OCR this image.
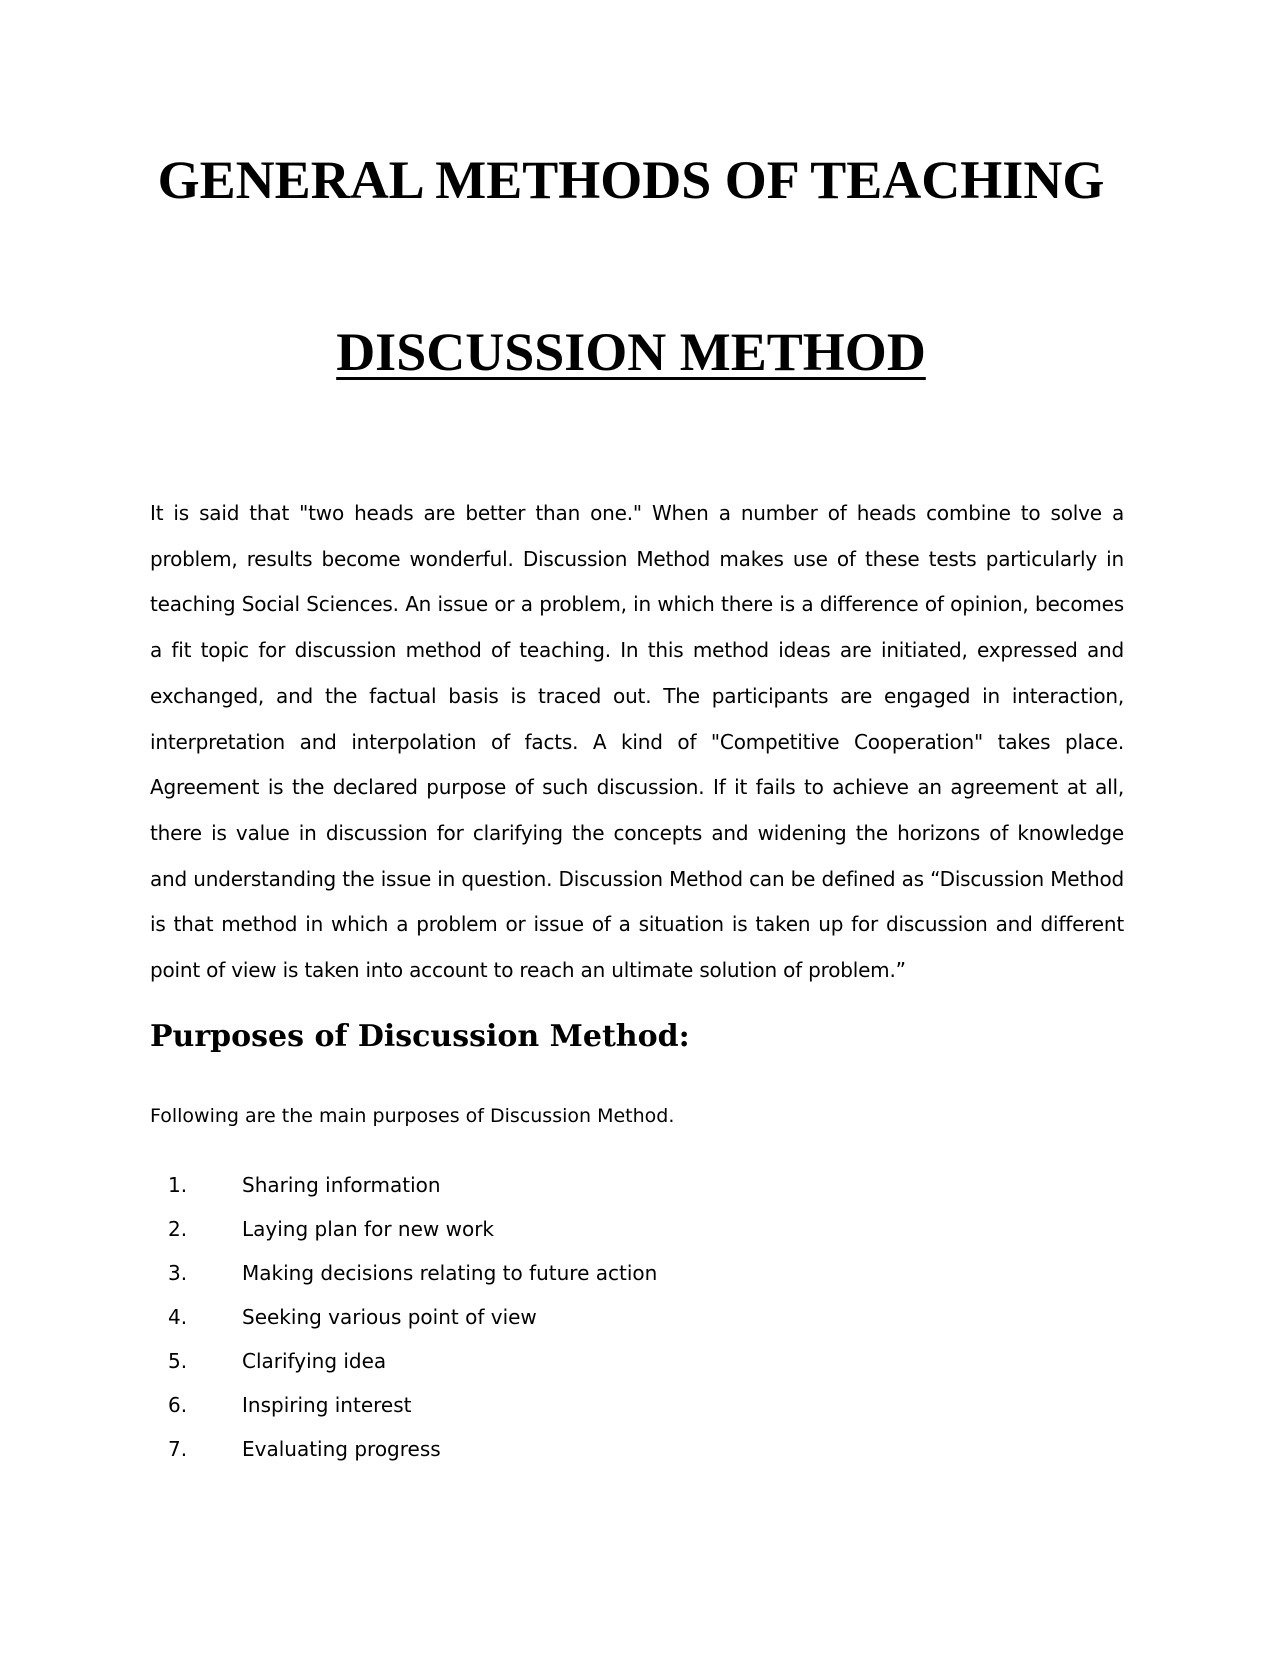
GENERAL METHODS OF TEACHING
DISCUSSION METHOD

It is said that "two heads are better than one." When a number of heads combine to solve a problem, results become wonderful. Discussion Method makes use of these tests particularly in teaching Social Sciences. An issue or a problem, in which there is a difference of opinion, becomes a fit topic for discussion method of teaching. In this method ideas are initiated, expressed and exchanged, and the factual basis is traced out. The participants are engaged in interaction, interpretation and interpolation of facts. A kind of "Competitive Cooperation" takes place. Agreement is the declared purpose of such discussion. If it fails to achieve an agreement at all, there is value in discussion for clarifying the concepts and widening the horizons of knowledge and understanding the issue in question. Discussion Method can be defined as “Discussion Method is that method in which a problem or issue of a situation is taken up for discussion and different point of view is taken into account to reach an ultimate solution of problem.”

Purposes of Discussion Method:

Following are the main purposes of Discussion Method.

1.	Sharing information
2.	Laying plan for new work
3.	Making decisions relating to future action
4.	Seeking various point of view
5.	Clarifying idea
6.	Inspiring interest
7.	Evaluating progress
